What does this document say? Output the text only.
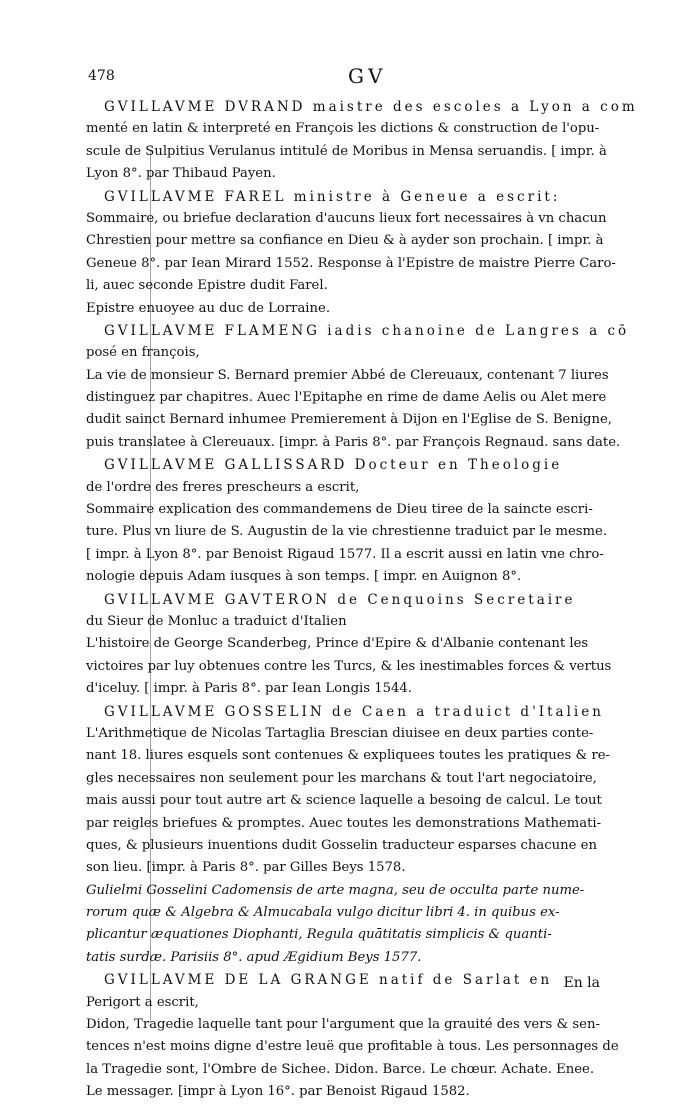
478	GV
GVILLAVME DVRAND maistre des escoles a Lyon a com
menté en latin & interpreté en François les dictions & construction de l'opu-
scule de Sulpitius Verulanus intitulé de Moribus in Mensa seruandis. [ impr. à
Lyon 8°. par Thibaud Payen.
GVILLAVME FAREL ministre à Geneue a escrit:
Sommaire, ou briefue declaration d'aucuns lieux fort necessaires à vn chacun
Chrestien pour mettre sa confiance en Dieu & à ayder son prochain. [ impr. à
Geneue 8°. par Iean Mirard 1552. Response à l'Epistre de maistre Pierre Caro-
li, auec seconde Epistre dudit Farel.
Epistre enuoyee au duc de Lorraine.
GVILLAVME FLAMENG iadis chanoine de Langres a cō
posé en françois,
La vie de monsieur S. Bernard premier Abbé de Clereuaux, contenant 7 liures
distinguez par chapitres. Auec l'Epitaphe en rime de dame Aelis ou Alet mere
dudit sainct Bernard inhumee Premierement à Dijon en l'Eglise de S. Benigne,
puis translatee à Clereuaux. [impr. à Paris 8°. par François Regnaud. sans date.
GVILLAVME GALLISSARD Docteur en Theologie
de l'ordre des freres prescheurs a escrit,
Sommaire explication des commandemens de Dieu tiree de la saincte escri-
ture. Plus vn liure de S. Augustin de la vie chrestienne traduict par le mesme.
[ impr. à Lyon 8°. par Benoist Rigaud 1577. Il a escrit aussi en latin vne chro-
nologie depuis Adam iusques à son temps. [ impr. en Auignon 8°.
GVILLAVME GAVTERON de Cenquoins Secretaire
du Sieur de Monluc a traduict d'Italien
L'histoire de George Scanderbeg, Prince d'Epire & d'Albanie contenant les
victoires par luy obtenues contre les Turcs, & les inestimables forces & vertus
d'iceluy. [ impr. à Paris 8°. par Iean Longis 1544.
GVILLAVME GOSSELIN de Caen a traduict d'Italien
L'Arithmetique de Nicolas Tartaglia Brescian diuisee en deux parties conte-
nant 18. liures esquels sont contenues & expliquees toutes les pratiques & re-
gles necessaires non seulement pour les marchans & tout l'art negociatoire,
mais aussi pour tout autre art & science laquelle a besoing de calcul. Le tout
par reigles briefues & promptes. Auec toutes les demonstrations Mathemati-
ques, & plusieurs inuentions dudit Gosselin traducteur esparses chacune en
son lieu. [impr. à Paris 8°. par Gilles Beys 1578.
Gulielmi Gosselini Cadomensis de arte magna, seu de occulta parte nume-
rorum quæ & Algebra & Almucabala vulgo dicitur libri 4. in quibus ex-
plicantur æquationes Diophanti, Regula quātitatis simplicis & quanti-
tatis surdæ. Parisiis 8°. apud Ægidium Beys 1577.
GVILLAVME DE LA GRANGE natif de Sarlat en
Perigort a escrit,
Didon, Tragedie laquelle tant pour l'argument que la grauité des vers & sen-
tences n'est moins digne d'estre leuë que profitable à tous. Les personnages de
la Tragedie sont, l'Ombre de Sichee. Didon. Barce. Le chœur. Achate. Enee.
Le messager. [impr à Lyon 16°. par Benoist Rigaud 1582.
En la
